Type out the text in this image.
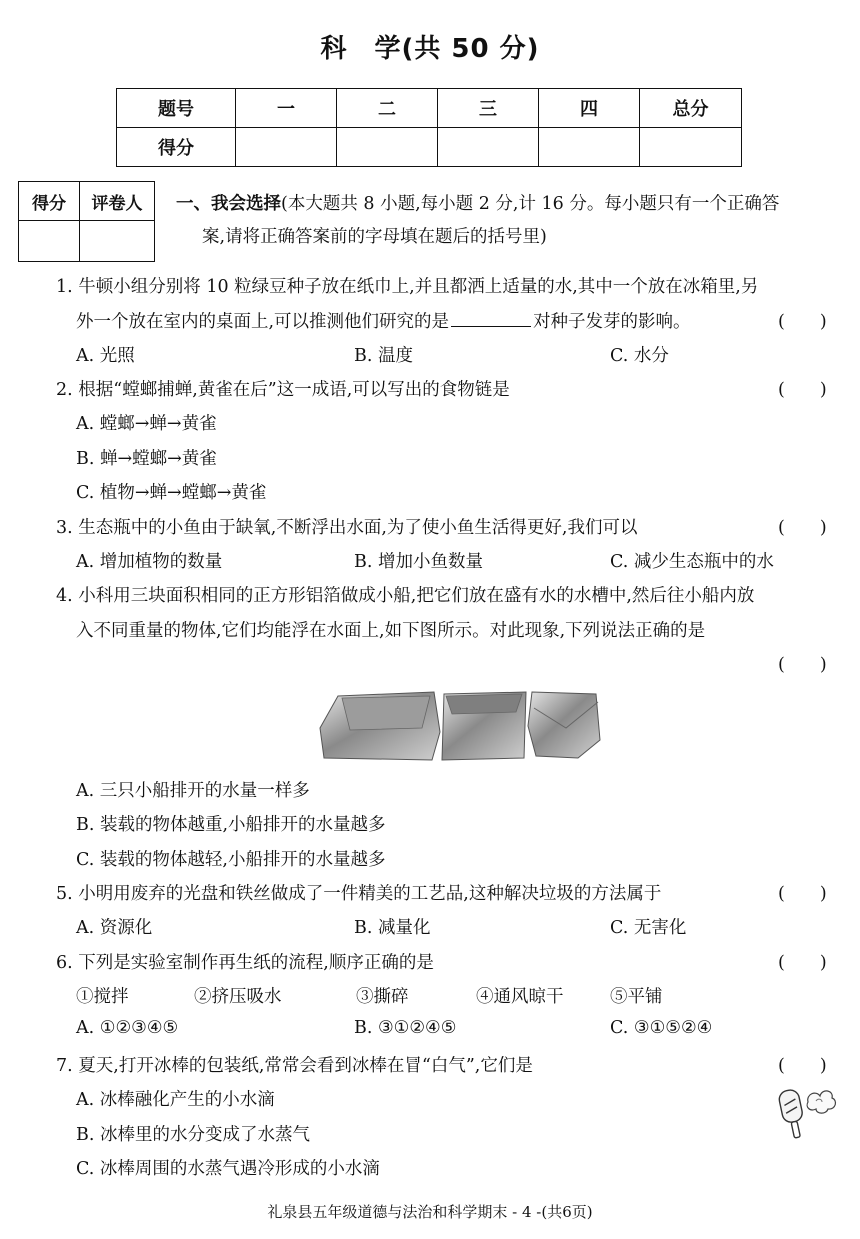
科　学(共 50 分)
题号	一	二	三	四	总分
得分					
得分	评卷人
	一、我会选择(本大题共 8 小题,每小题 2 分,计 16 分。每小题只有一个正确答
案,请将正确答案前的字母填在题后的括号里)
1. 牛顿小组分别将 10 粒绿豆种子放在纸巾上,并且都洒上适量的水,其中一个放在冰箱里,另
外一个放在室内的桌面上,可以推测他们研究的是	对种子发芽的影响。	(　　)
A. 光照	B. 温度	C. 水分
2. 根据“螳螂捕蝉,黄雀在后”这一成语,可以写出的食物链是	(　　)
A. 螳螂→蝉→黄雀
B. 蝉→螳螂→黄雀
C. 植物→蝉→螳螂→黄雀
3. 生态瓶中的小鱼由于缺氧,不断浮出水面,为了使小鱼生活得更好,我们可以	(　　)
A. 增加植物的数量	B. 增加小鱼数量	C. 减少生态瓶中的水
4. 小科用三块面积相同的正方形铝箔做成小船,把它们放在盛有水的水槽中,然后往小船内放
入不同重量的物体,它们均能浮在水面上,如下图所示。对此现象,下列说法正确的是
(　　)
A. 三只小船排开的水量一样多
B. 装载的物体越重,小船排开的水量越多
C. 装载的物体越轻,小船排开的水量越多
5. 小明用废弃的光盘和铁丝做成了一件精美的工艺品,这种解决垃圾的方法属于	(　　)
A. 资源化	B. 减量化	C. 无害化
6. 下列是实验室制作再生纸的流程,顺序正确的是	(　　)
①搅拌	②挤压吸水	③撕碎	④通风晾干	⑤平铺
A. ①②③④⑤	B. ③①②④⑤	C. ③①⑤②④
7. 夏天,打开冰棒的包装纸,常常会看到冰棒在冒“白气”,它们是	(　　)
A. 冰棒融化产生的小水滴
B. 冰棒里的水分变成了水蒸气
C. 冰棒周围的水蒸气遇冷形成的小水滴
礼泉县五年级道德与法治和科学期末 - 4 -(共6页)
